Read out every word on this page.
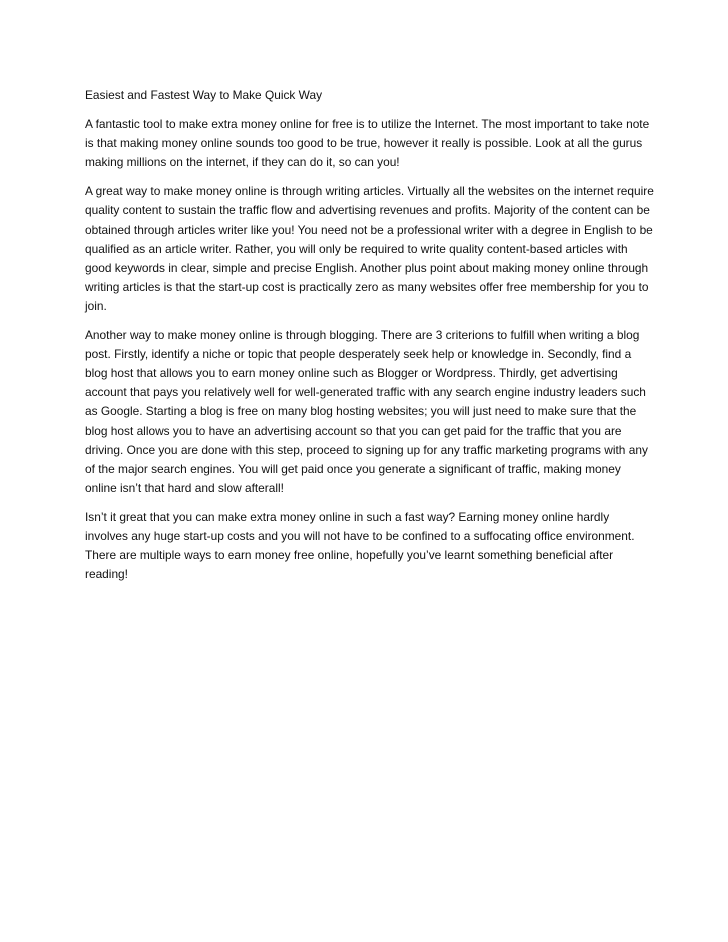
Easiest and Fastest Way to Make Quick Way

A fantastic tool to make extra money online for free is to utilize the Internet. The most important to take note is that making money online sounds too good to be true, however it really is possible. Look at all the gurus making millions on the internet, if they can do it, so can you!

A great way to make money online is through writing articles. Virtually all the websites on the internet require quality content to sustain the traffic flow and advertising revenues and profits. Majority of the content can be obtained through articles writer like you! You need not be a professional writer with a degree in English to be qualified as an article writer. Rather, you will only be required to write quality content-based articles with good keywords in clear, simple and precise English. Another plus point about making money online through writing articles is that the start-up cost is practically zero as many websites offer free membership for you to join.

Another way to make money online is through blogging. There are 3 criterions to fulfill when writing a blog post. Firstly, identify a niche or topic that people desperately seek help or knowledge in. Secondly, find a blog host that allows you to earn money online such as Blogger or Wordpress. Thirdly, get advertising account that pays you relatively well for well-generated traffic with any search engine industry leaders such as Google. Starting a blog is free on many blog hosting websites; you will just need to make sure that the blog host allows you to have an advertising account so that you can get paid for the traffic that you are driving. Once you are done with this step, proceed to signing up for any traffic marketing programs with any of the major search engines. You will get paid once you generate a significant of traffic, making money online isn’t that hard and slow afterall!

Isn’t it great that you can make extra money online in such a fast way? Earning money online hardly involves any huge start-up costs and you will not have to be confined to a suffocating office environment. There are multiple ways to earn money free online, hopefully you’ve learnt something beneficial after reading!
